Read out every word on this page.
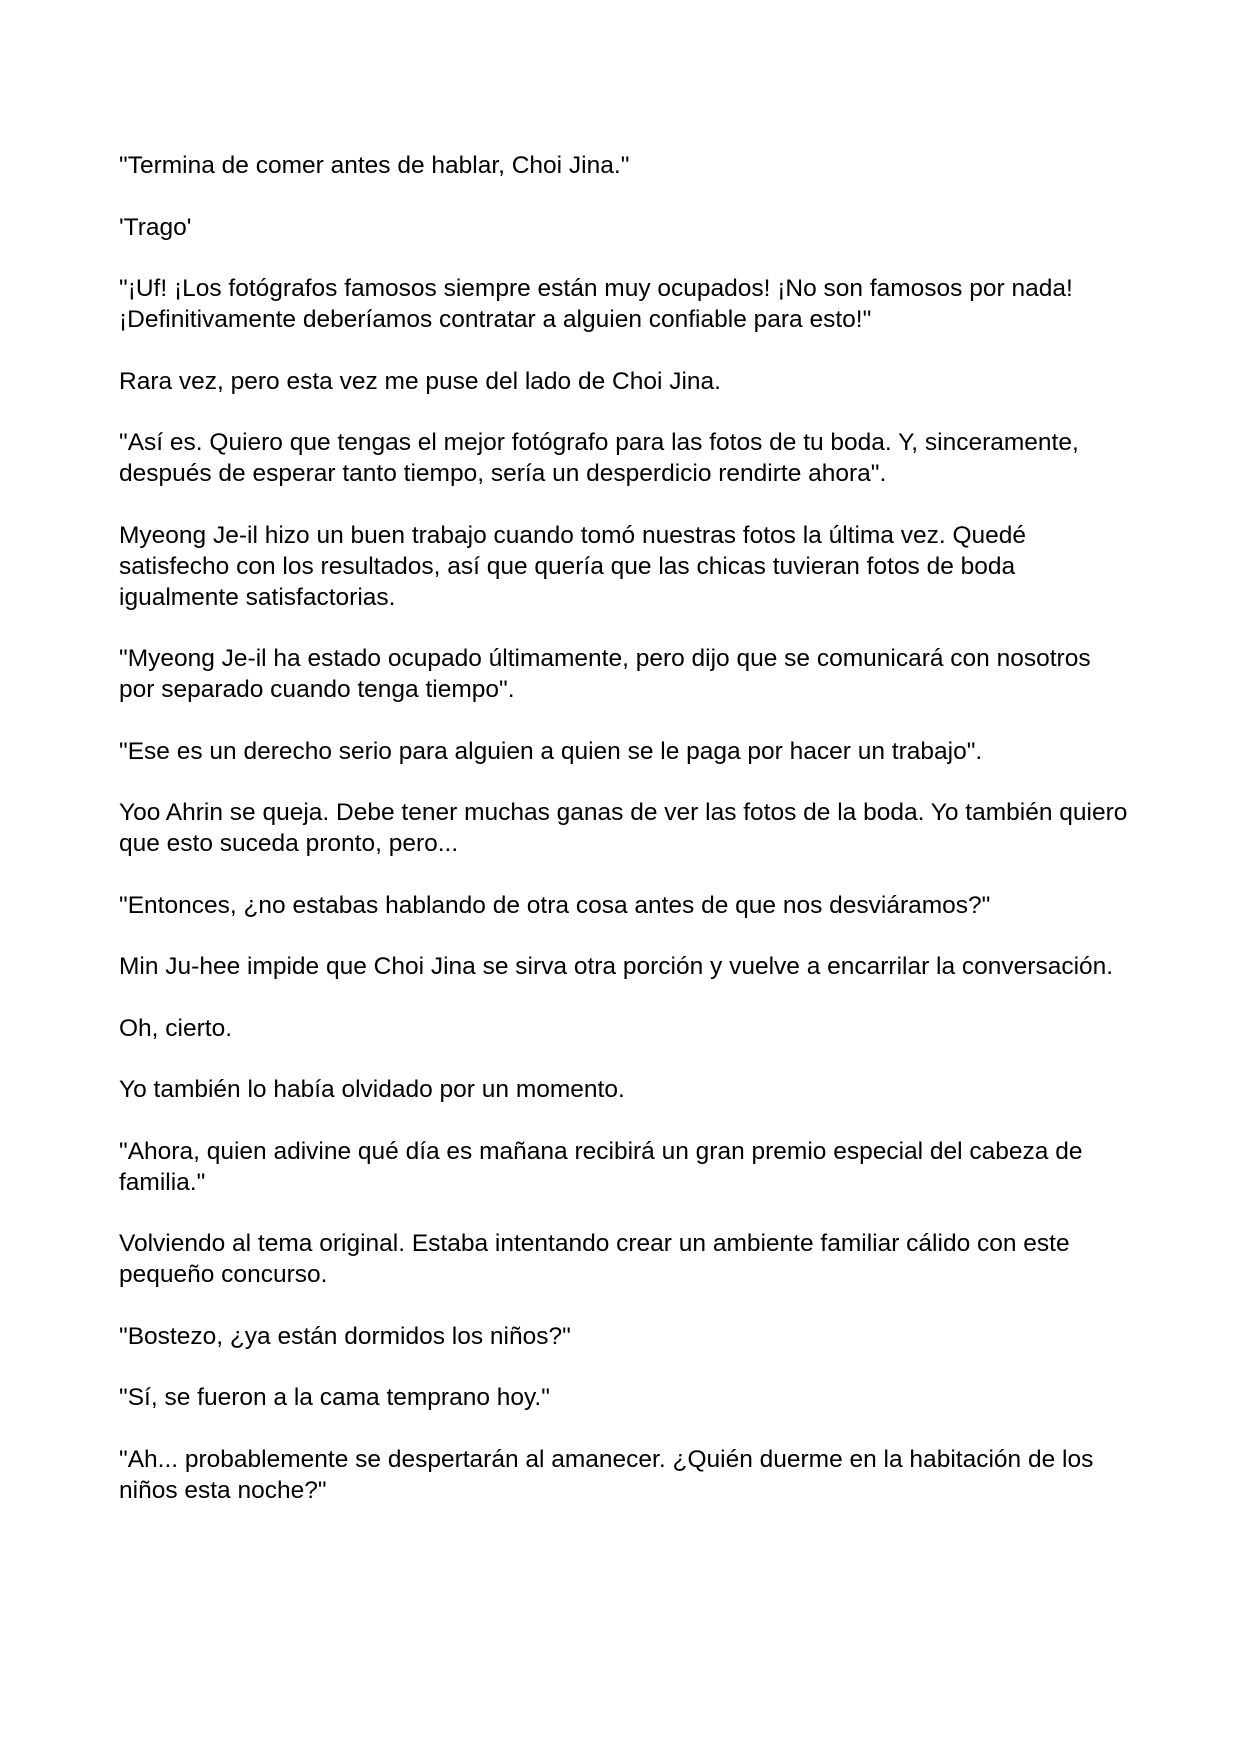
"Termina de comer antes de hablar, Choi Jina."

'Trago'

"¡Uf! ¡Los fotógrafos famosos siempre están muy ocupados! ¡No son famosos por nada! ¡Definitivamente deberíamos contratar a alguien confiable para esto!"

Rara vez, pero esta vez me puse del lado de Choi Jina.

"Así es. Quiero que tengas el mejor fotógrafo para las fotos de tu boda. Y, sinceramente, después de esperar tanto tiempo, sería un desperdicio rendirte ahora".

Myeong Je-il hizo un buen trabajo cuando tomó nuestras fotos la última vez. Quedé satisfecho con los resultados, así que quería que las chicas tuvieran fotos de boda igualmente satisfactorias.

"Myeong Je-il ha estado ocupado últimamente, pero dijo que se comunicará con nosotros por separado cuando tenga tiempo".

"Ese es un derecho serio para alguien a quien se le paga por hacer un trabajo".

Yoo Ahrin se queja. Debe tener muchas ganas de ver las fotos de la boda. Yo también quiero que esto suceda pronto, pero...

"Entonces, ¿no estabas hablando de otra cosa antes de que nos desviáramos?"

Min Ju-hee impide que Choi Jina se sirva otra porción y vuelve a encarrilar la conversación.

Oh, cierto.

Yo también lo había olvidado por un momento.

"Ahora, quien adivine qué día es mañana recibirá un gran premio especial del cabeza de familia."

Volviendo al tema original. Estaba intentando crear un ambiente familiar cálido con este pequeño concurso.

"Bostezo, ¿ya están dormidos los niños?"

"Sí, se fueron a la cama temprano hoy."

"Ah... probablemente se despertarán al amanecer. ¿Quién duerme en la habitación de los niños esta noche?"
